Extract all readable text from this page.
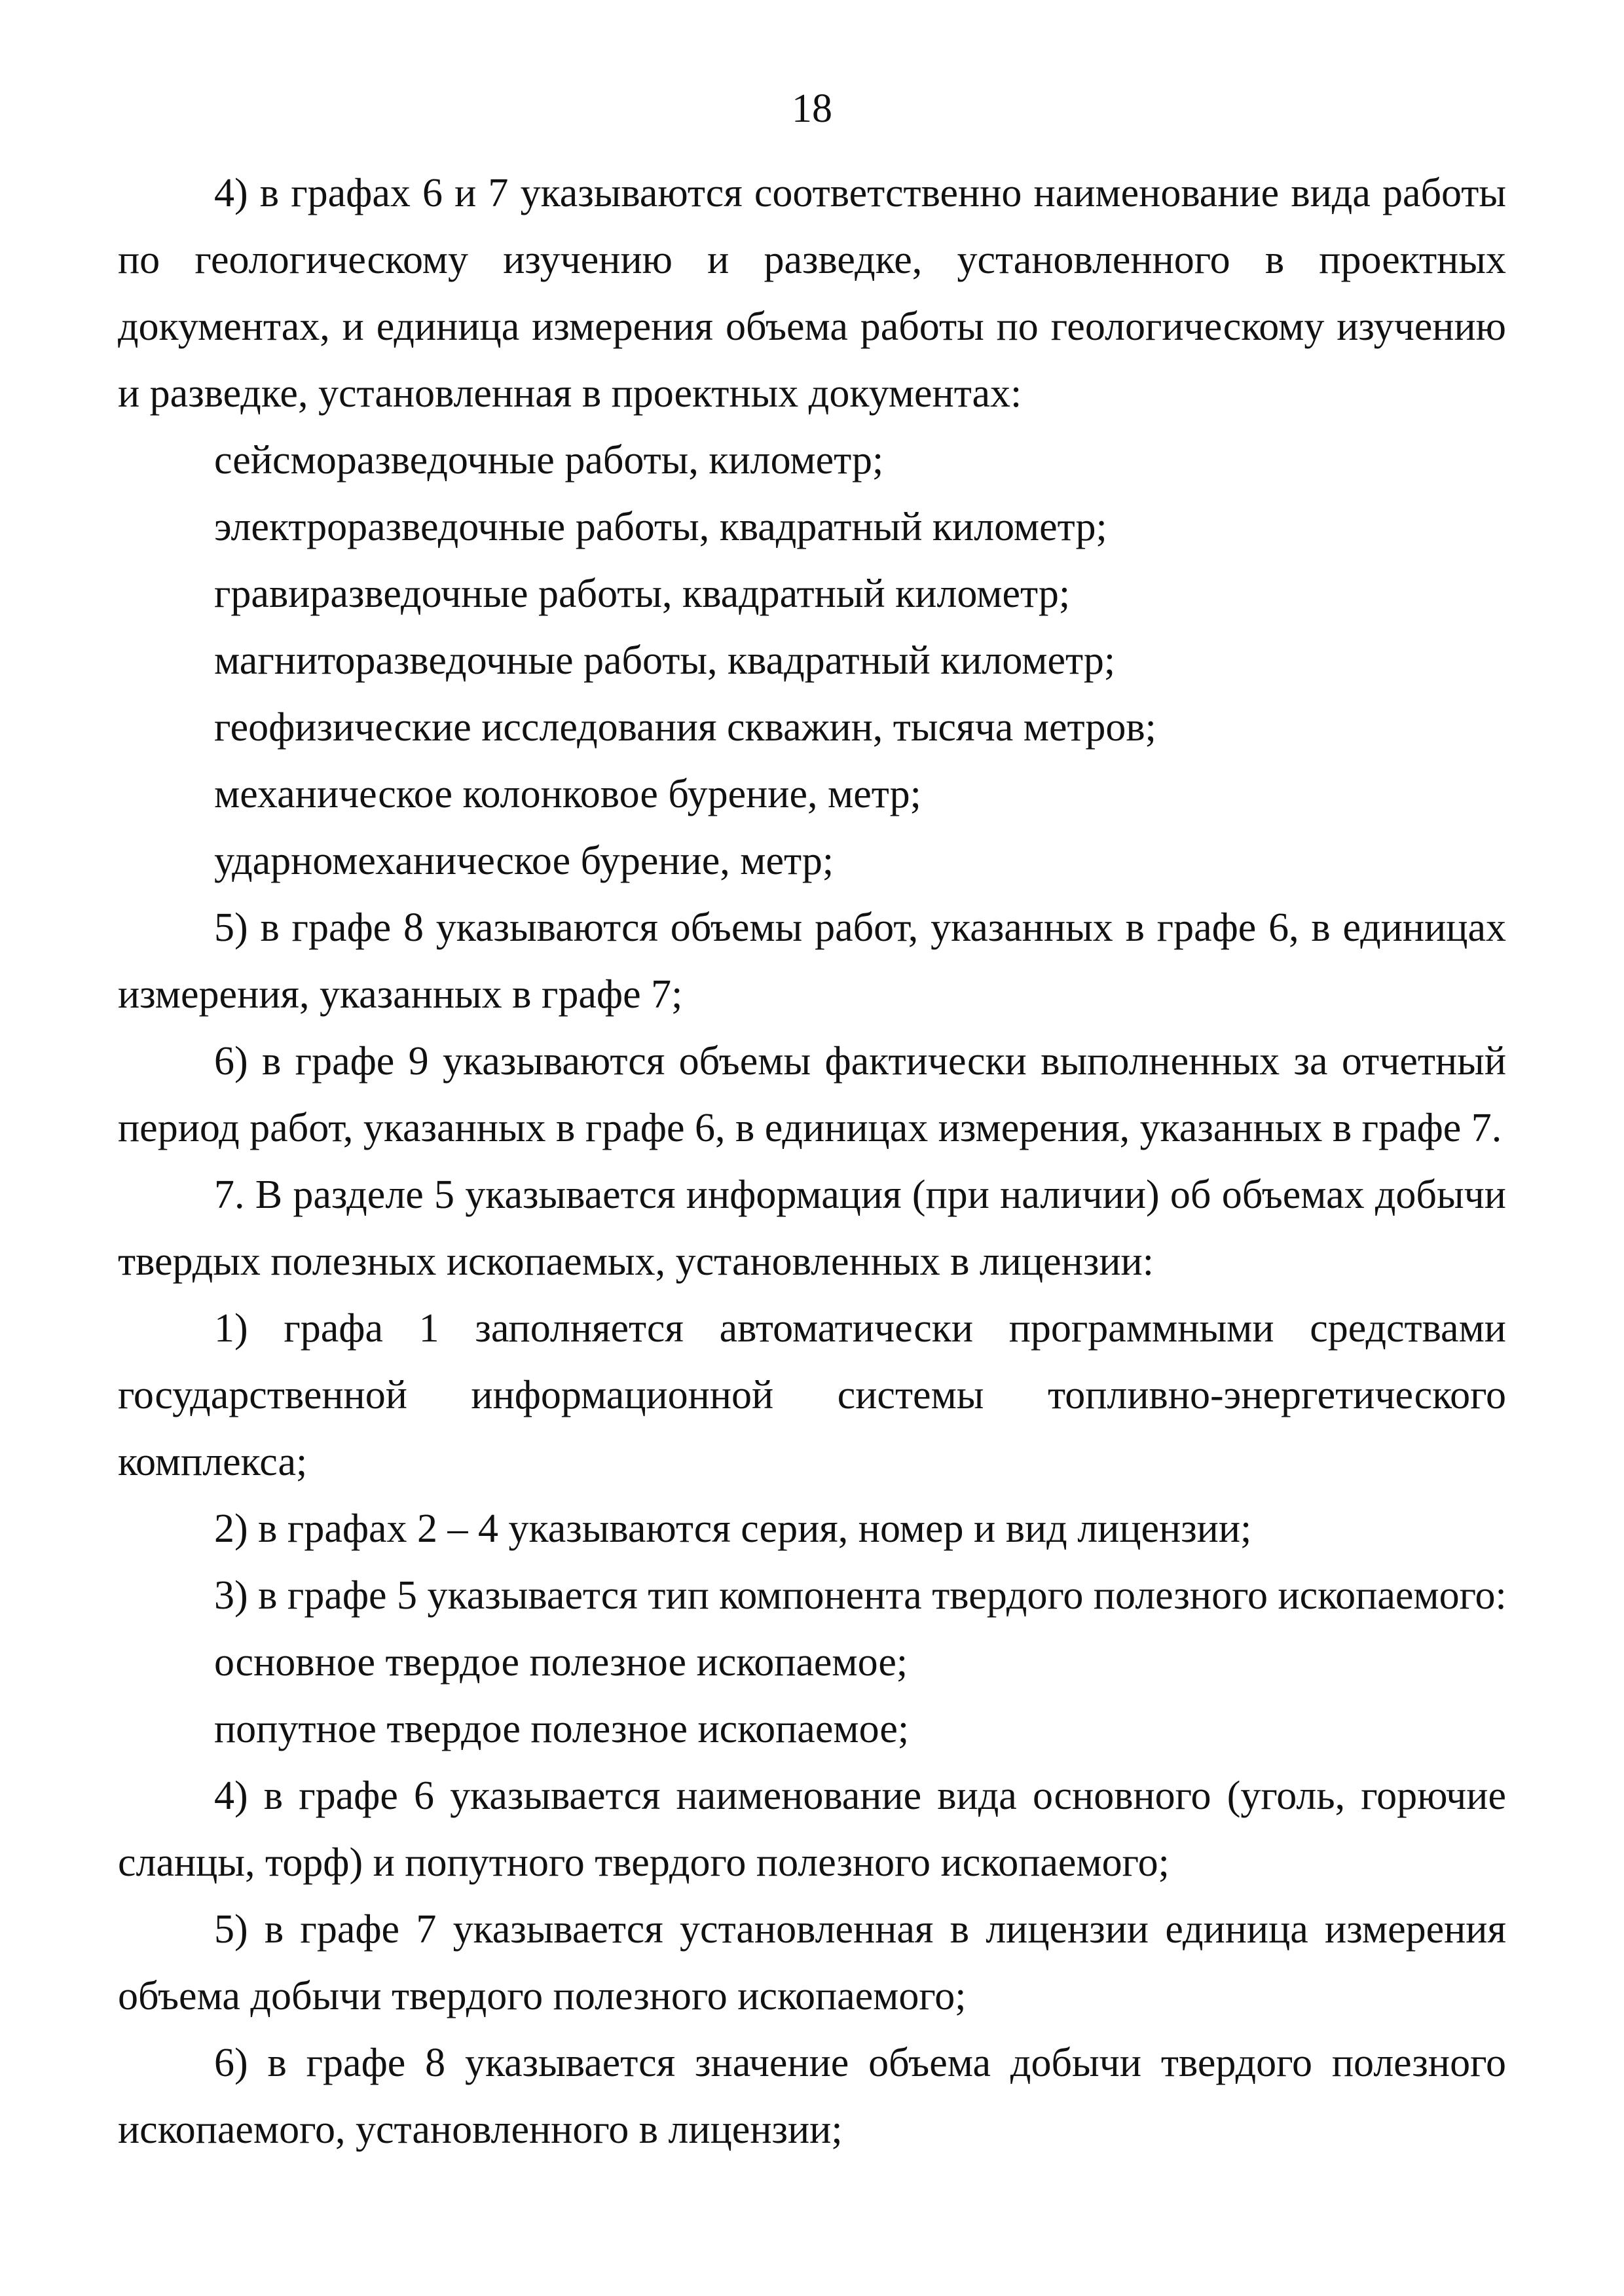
18

4) в графах 6 и 7 указываются соответственно наименование вида работы по геологическому изучению и разведке, установленного в проектных документах, и единица измерения объема работы по геологическому изучению и разведке, установленная в проектных документах:

сейсморазведочные работы, километр;

электроразведочные работы, квадратный километр;

гравиразведочные работы, квадратный километр;

магниторазведочные работы, квадратный километр;

геофизические исследования скважин, тысяча метров;

механическое колонковое бурение, метр;

ударномеханическое бурение, метр;

5) в графе 8 указываются объемы работ, указанных в графе 6, в единицах измерения, указанных в графе 7;

6) в графе 9 указываются объемы фактически выполненных за отчетный период работ, указанных в графе 6, в единицах измерения, указанных в графе 7.

7. В разделе 5 указывается информация (при наличии) об объемах добычи твердых полезных ископаемых, установленных в лицензии:

1) графа 1 заполняется автоматически программными средствами государственной информационной системы топливно-энергетического комплекса;

2) в графах 2 – 4 указываются серия, номер и вид лицензии;

3) в графе 5 указывается тип компонента твердого полезного ископаемого:

основное твердое полезное ископаемое;

попутное твердое полезное ископаемое;

4) в графе 6 указывается наименование вида основного (уголь, горючие сланцы, торф) и попутного твердого полезного ископаемого;

5) в графе 7 указывается установленная в лицензии единица измерения объема добычи твердого полезного ископаемого;

6) в графе 8 указывается значение объема добычи твердого полезного ископаемого, установленного в лицензии;
